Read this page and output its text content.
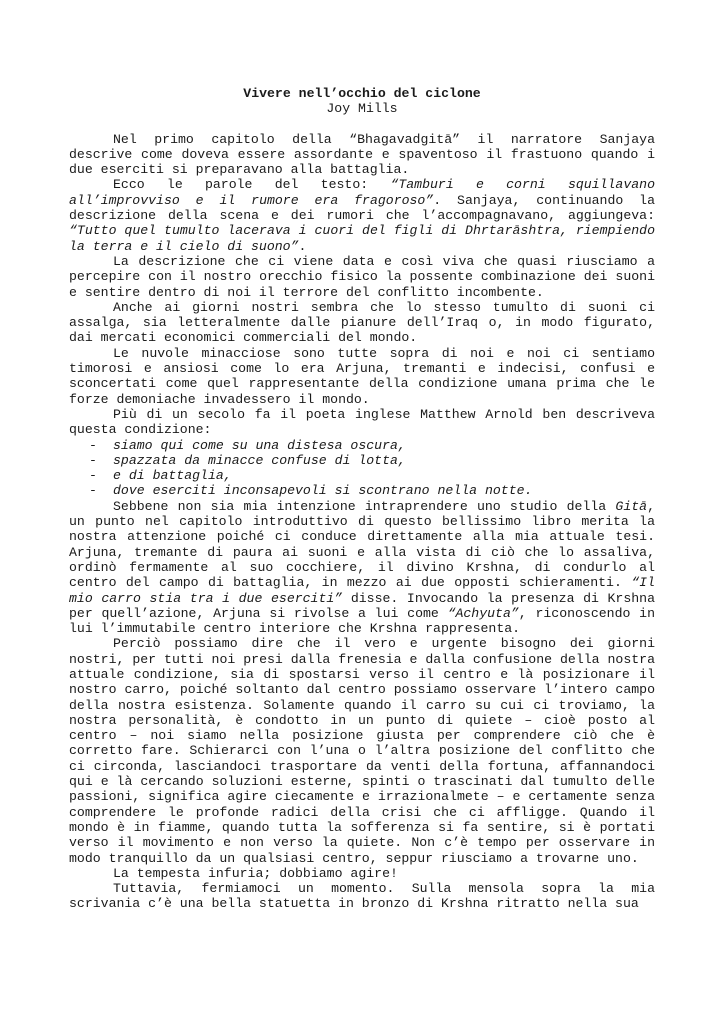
Vivere nell’occhio del ciclone
Joy Mills

Nel primo capitolo della “Bhagavadgitā” il narratore Sanjaya descrive come doveva essere assordante e spaventoso il frastuono quando i due eserciti si preparavano alla battaglia.

Ecco le parole del testo: “Tamburi e corni squillavano all’improvviso e il rumore era fragoroso”. Sanjaya, continuando la descrizione della scena e dei rumori che l’accompagnavano, aggiungeva: “Tutto quel tumulto lacerava i cuori del figli di Dhrtarāshtra, riempiendo la terra e il cielo di suono”.

La descrizione che ci viene data e così viva che quasi riusciamo a percepire con il nostro orecchio fisico la possente combinazione dei suoni e sentire dentro di noi il terrore del conflitto incombente.

Anche ai giorni nostri sembra che lo stesso tumulto di suoni ci assalga, sia letteralmente dalle pianure dell’Iraq o, in modo figurato, dai mercati economici commerciali del mondo.

Le nuvole minacciose sono tutte sopra di noi e noi ci sentiamo timorosi e ansiosi come lo era Arjuna, tremanti e indecisi, confusi e sconcertati come quel rappresentante della condizione umana prima che le forze demoniache invadessero il mondo.

Più di un secolo fa il poeta inglese Matthew Arnold ben descriveva questa condizione:

- siamo qui come su una distesa oscura,
- spazzata da minacce confuse di lotta,
- e di battaglia,
- dove eserciti inconsapevoli si scontrano nella notte.

Sebbene non sia mia intenzione intraprendere uno studio della Gitā, un punto nel capitolo introduttivo di questo bellissimo libro merita la nostra attenzione poiché ci conduce direttamente alla mia attuale tesi. Arjuna, tremante di paura ai suoni e alla vista di ciò che lo assaliva, ordinò fermamente al suo cocchiere, il divino Krshna, di condurlo al centro del campo di battaglia, in mezzo ai due opposti schieramenti. “Il mio carro stia tra i due eserciti” disse. Invocando la presenza di Krshna per quell’azione, Arjuna si rivolse a lui come “Achyuta”, riconoscendo in lui l’immutabile centro interiore che Krshna rappresenta.

Perciò possiamo dire che il vero e urgente bisogno dei giorni nostri, per tutti noi presi dalla frenesia e dalla confusione della nostra attuale condizione, sia di spostarsi verso il centro e là posizionare il nostro carro, poiché soltanto dal centro possiamo osservare l’intero campo della nostra esistenza. Solamente quando il carro su cui ci troviamo, la nostra personalità, è condotto in un punto di quiete – cioè posto al centro – noi siamo nella posizione giusta per comprendere ciò che è corretto fare. Schierarci con l’una o l’altra posizione del conflitto che ci circonda, lasciandoci trasportare da venti della fortuna, affannandoci qui e là cercando soluzioni esterne, spinti o trascinati dal tumulto delle passioni, significa agire ciecamente e irrazionalmete – e certamente senza comprendere le profonde radici della crisi che ci affligge. Quando il mondo è in fiamme, quando tutta la sofferenza si fa sentire, si è portati verso il movimento e non verso la quiete. Non c’è tempo per osservare in modo tranquillo da un qualsiasi centro, seppur riusciamo a trovarne uno.

La tempesta infuria; dobbiamo agire!

Tuttavia, fermiamoci un momento. Sulla mensola sopra la mia scrivania c’è una bella statuetta in bronzo di Krshna ritratto nella sua
